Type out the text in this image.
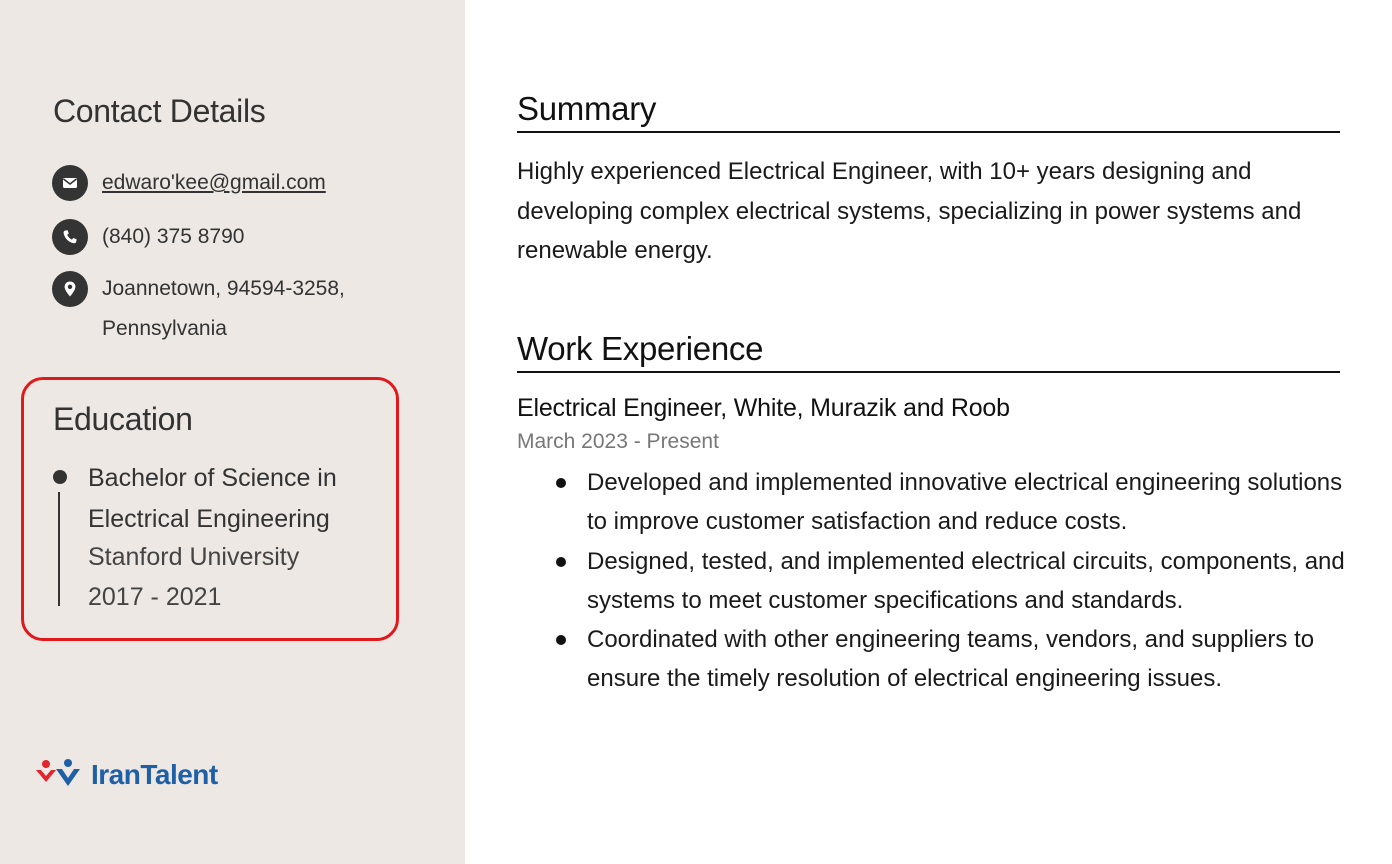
Contact Details
edwaro'kee@gmail.com
(840) 375 8790
Joannetown, 94594-3258,
Pennsylvania
Education
Bachelor of Science in Electrical Engineering
Stanford University
2017 - 2021
IranTalent
Summary

Highly experienced Electrical Engineer, with 10+ years designing and developing complex electrical systems, specializing in power systems and renewable energy.

Work Experience
Electrical Engineer, White, Murazik and Roob
March 2023 - Present
Developed and implemented innovative electrical engineering solutions to improve customer satisfaction and reduce costs.
Designed, tested, and implemented electrical circuits, components, and systems to meet customer specifications and standards.
Coordinated with other engineering teams, vendors, and suppliers to ensure the timely resolution of electrical engineering issues.
